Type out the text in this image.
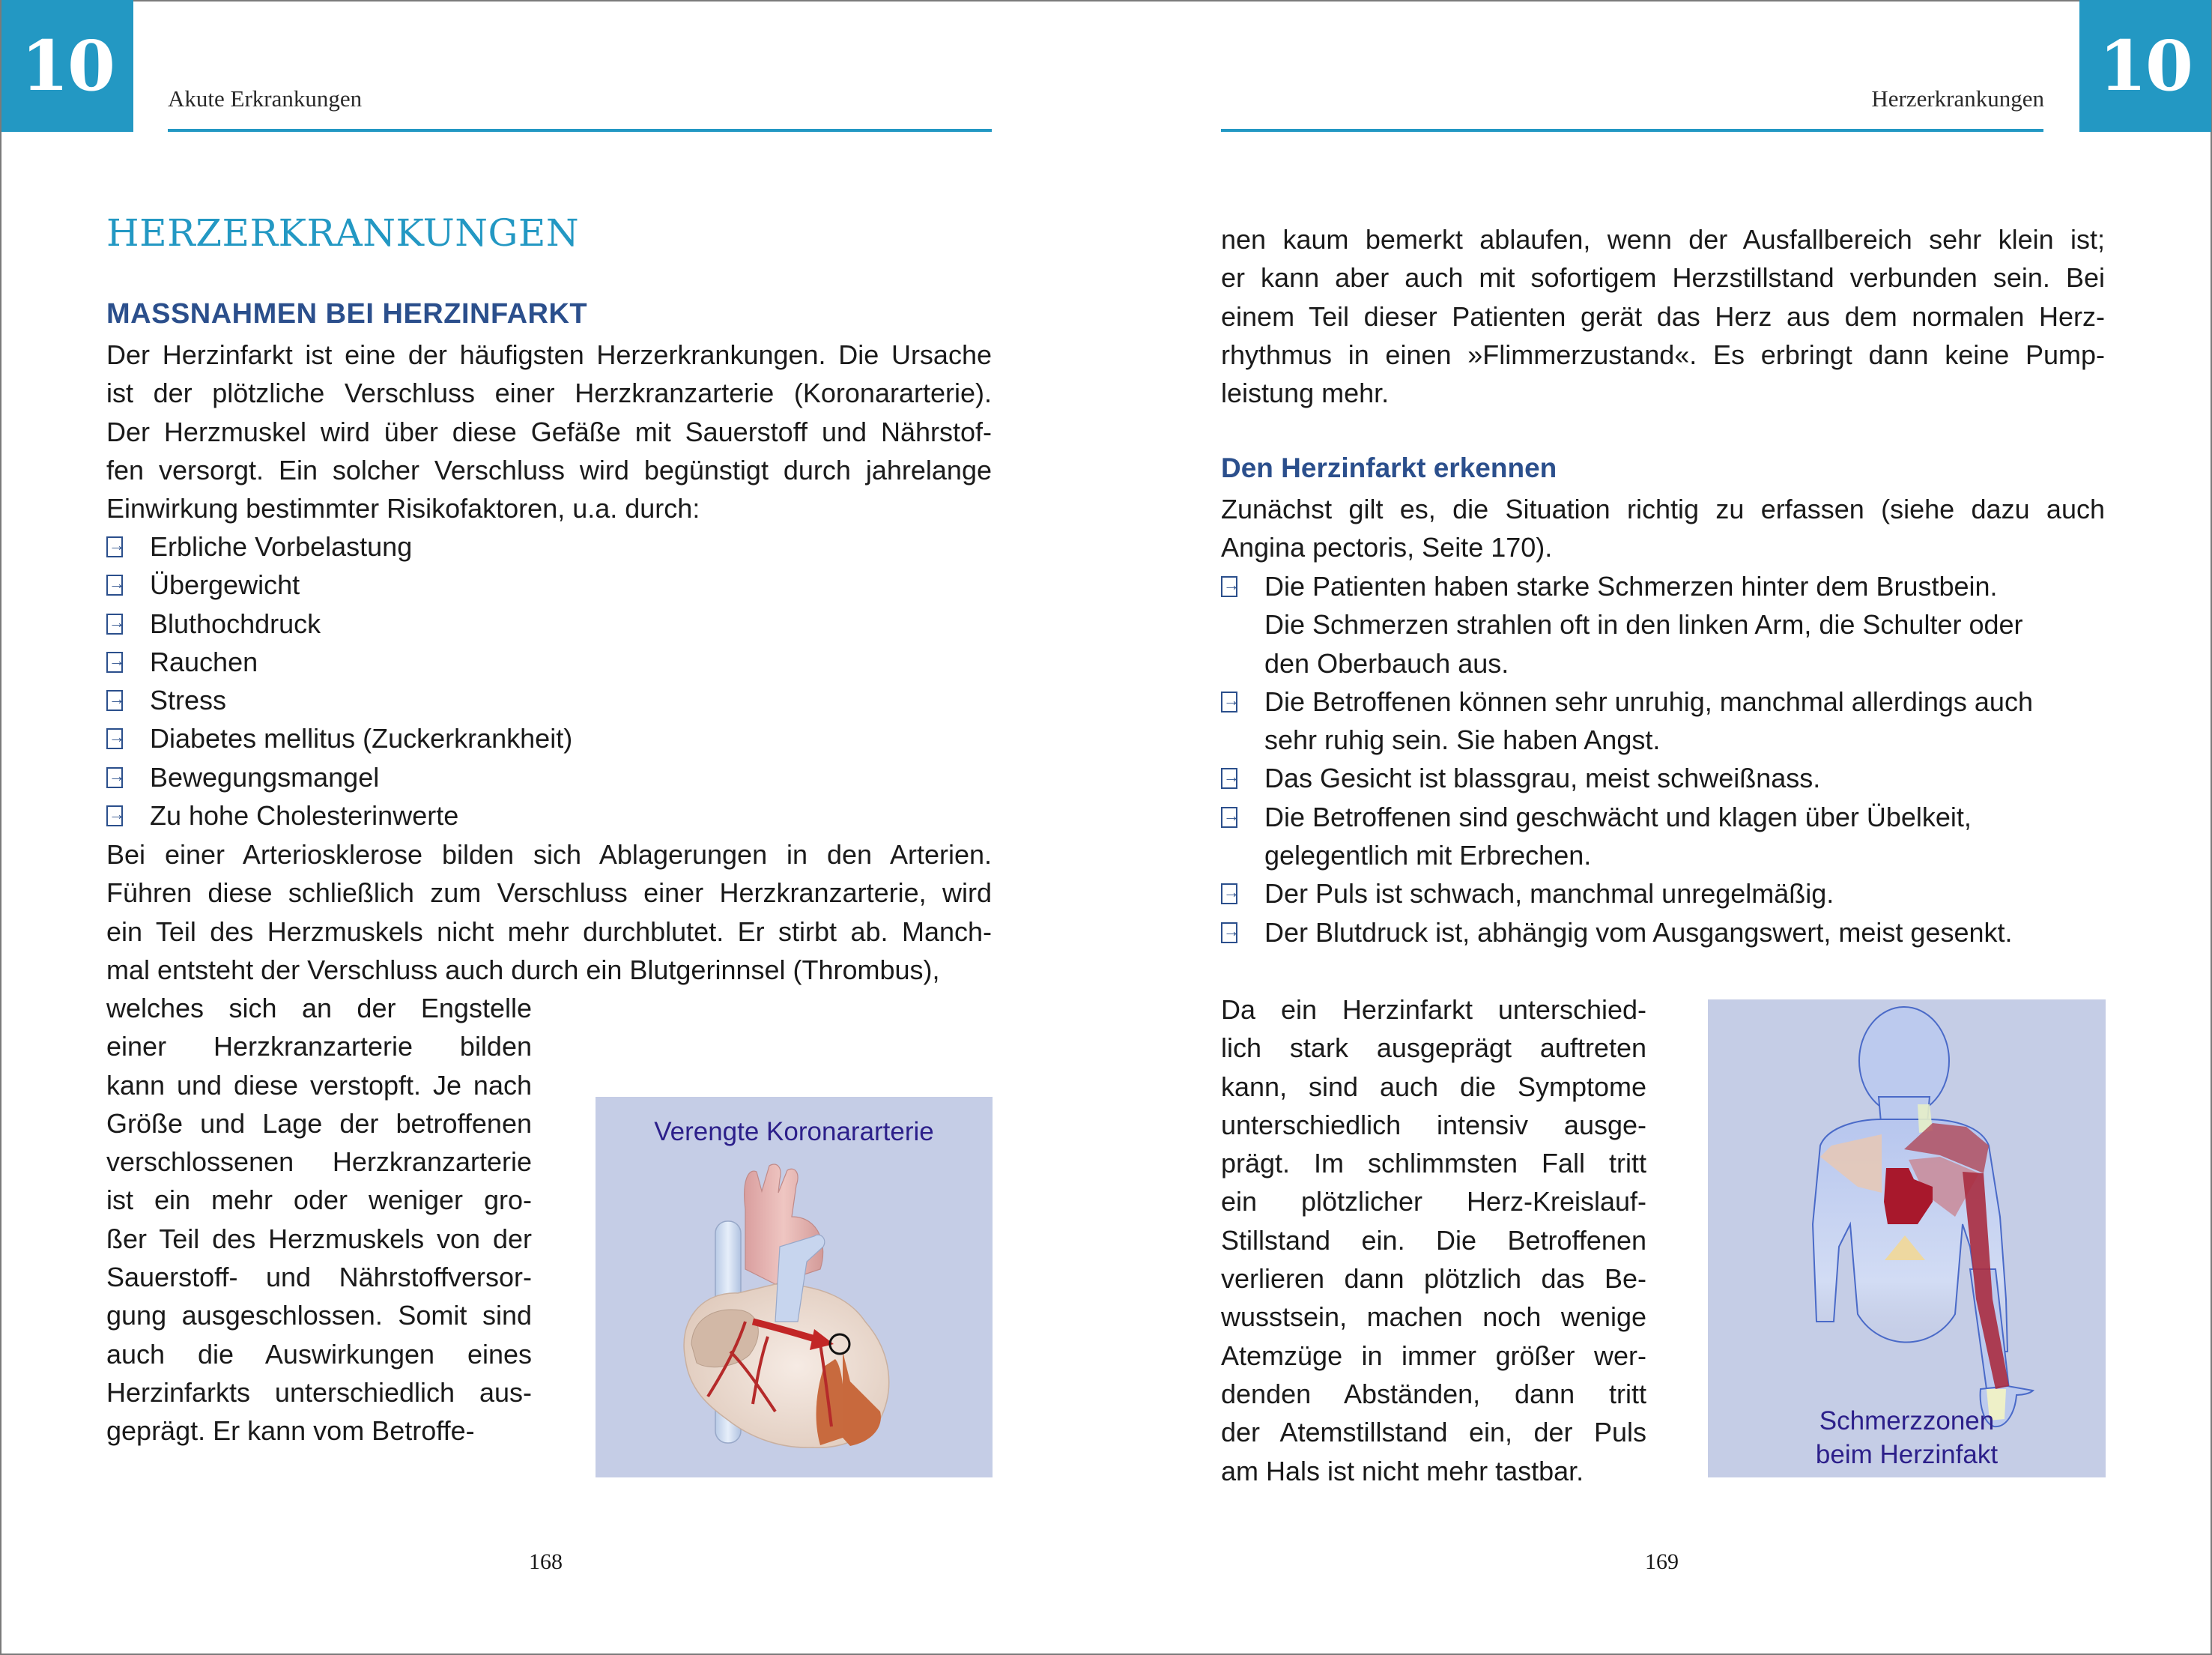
10	Akute Erkrankungen
HERZERKRANKUNGEN
MASSNAHMEN BEI HERZINFARKT

Der Herzinfarkt ist eine der häufigsten Herzerkrankungen. Die Ursache
ist der plötzliche Verschluss einer Herzkranzarterie (Koronararterie).
Der Herzmuskel wird über diese Gefäße mit Sauerstoff und Nährstof-
fen versorgt. Ein solcher Verschluss wird begünstigt durch jahrelange
Einwirkung bestimmter Risikofaktoren, u.a. durch:

→
Erbliche Vorbelastung
→
Übergewicht
→
Bluthochdruck
→
Rauchen
→
Stress
→
Diabetes mellitus (Zuckerkrankheit)
→
Bewegungsmangel
→
Zu hohe Cholesterinwerte

Bei einer Arteriosklerose bilden sich Ablagerungen in den Arterien.
Führen diese schließlich zum Verschluss einer Herzkranzarterie, wird
ein Teil des Herzmuskels nicht mehr durchblutet. Er stirbt ab. Manch-
mal entsteht der Verschluss auch durch ein Blutgerinnsel (Thrombus),

welches sich an der Engstelle
einer Herzkranzarterie bilden
kann und diese verstopft. Je nach
Größe und Lage der betroffenen
verschlossenen Herzkranzarterie
ist ein mehr oder weniger gro-
ßer Teil des Herzmuskels von der
Sauerstoff- und Nährstoffversor-
gung ausgeschlossen. Somit sind
auch die Auswirkungen eines
Herzinfarkts unterschiedlich aus-
geprägt. Er kann vom Betroffe-
Verengte Koronararterie
168
10
Herzerkrankungen

nen kaum bemerkt ablaufen, wenn der Ausfallbereich sehr klein ist;
er kann aber auch mit sofortigem Herzstillstand verbunden sein. Bei
einem Teil dieser Patienten gerät das Herz aus dem normalen Herz-
rhythmus in einen »Flimmerzustand«. Es erbringt dann keine Pump-
leistung mehr.

Den Herzinfarkt erkennen

Zunächst gilt es, die Situation richtig zu erfassen (siehe dazu auch
Angina pectoris, Seite 170).

→
Die Patienten haben starke Schmerzen hinter dem Brustbein.
Die Schmerzen strahlen oft in den linken Arm, die Schulter oder
den Oberbauch aus.
→
Die Betroffenen können sehr unruhig, manchmal allerdings auch
sehr ruhig sein. Sie haben Angst.
→
Das Gesicht ist blassgrau, meist schweißnass.
→
Die Betroffenen sind geschwächt und klagen über Übelkeit,
gelegentlich mit Erbrechen.
→
Der Puls ist schwach, manchmal unregelmäßig.
→
Der Blutdruck ist, abhängig vom Ausgangswert, meist gesenkt.
Da ein Herzinfarkt unterschied-
lich stark ausgeprägt auftreten
kann, sind auch die Symptome
unterschiedlich intensiv ausge-
prägt. Im schlimmsten Fall tritt
ein plötzlicher Herz-Kreislauf-
Stillstand ein. Die Betroffenen
verlieren dann plötzlich das Be-
wusstsein, machen noch wenige
Atemzüge in immer größer wer-
denden Abständen, dann tritt
der Atemstillstand ein, der Puls
am Hals ist nicht mehr tastbar.
Schmerzzonen
beim Herzinfakt
169
